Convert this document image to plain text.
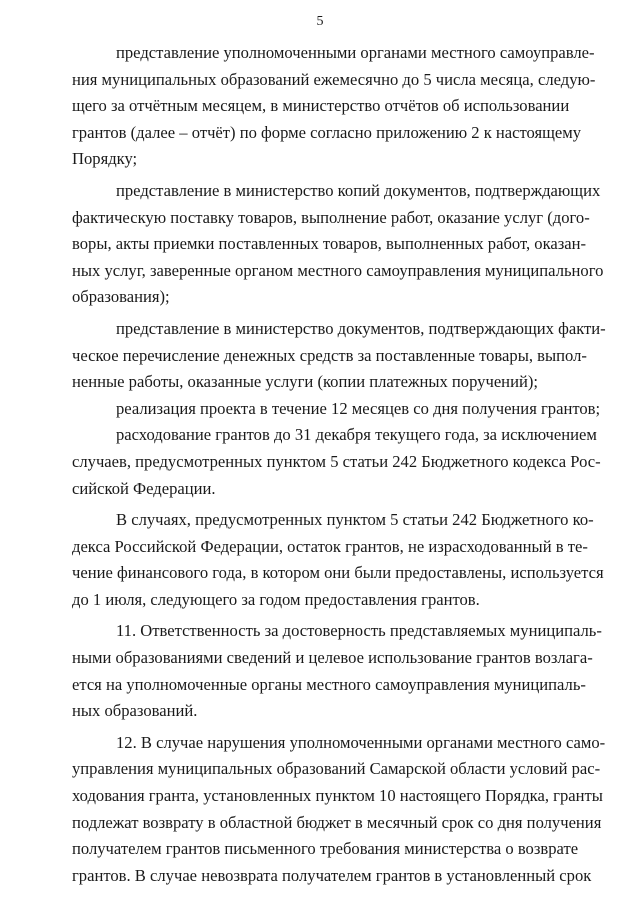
5
представление уполномоченными органами местного самоуправле-
ния муниципальных образований ежемесячно до 5 числа месяца, следую-
щего за отчётным месяцем, в министерство отчётов об использовании
грантов (далее – отчёт) по форме согласно приложению 2 к настоящему
Порядку;
представление в министерство копий документов, подтверждающих
фактическую поставку товаров, выполнение работ, оказание услуг (дого-
воры, акты приемки поставленных товаров, выполненных работ, оказан-
ных услуг, заверенные органом местного самоуправления муниципального
образования);
представление в министерство документов, подтверждающих факти-
ческое перечисление денежных средств за поставленные товары, выпол-
ненные работы, оказанные услуги (копии платежных поручений);
реализация проекта в течение 12 месяцев со дня получения грантов;
расходование грантов до 31 декабря текущего года, за исключением
случаев, предусмотренных пунктом 5 статьи 242 Бюджетного кодекса Рос-
сийской Федерации.
В случаях, предусмотренных пунктом 5 статьи 242 Бюджетного ко-
декса Российской Федерации, остаток грантов, не израсходованный в те-
чение финансового года, в котором они были предоставлены, используется
до 1 июля, следующего за годом предоставления грантов.
11. Ответственность за достоверность представляемых муниципаль-
ными образованиями сведений и целевое использование грантов возлага-
ется на уполномоченные органы местного самоуправления муниципаль-
ных образований.
12. В случае нарушения уполномоченными органами местного само-
управления муниципальных образований Самарской области условий рас-
ходования гранта, установленных пунктом 10 настоящего Порядка, гранты
подлежат возврату в областной бюджет в месячный срок со дня получения
получателем грантов письменного требования министерства о возврате
грантов. В случае невозврата получателем грантов в установленный срок
